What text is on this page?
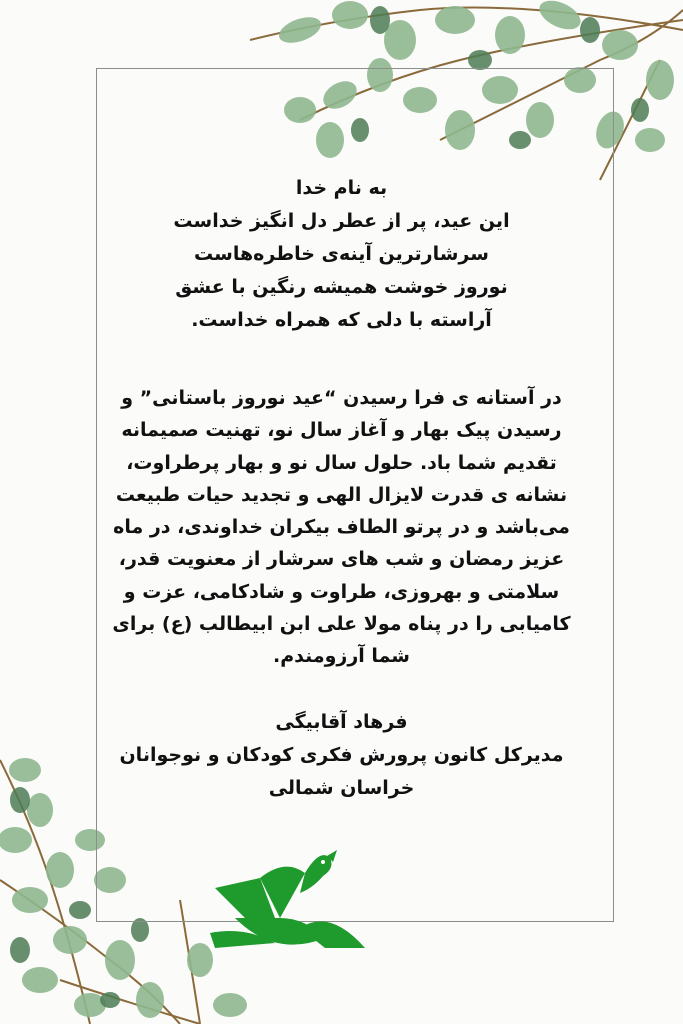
به نام خدا
این عید، پر از عطر دل انگیز خداست
سرشارترین آینه‌ی خاطره‌هاست
نوروز خوشت همیشه رنگین با عشق
آراسته با دلی که همراه خداست.
در آستانه ی فرا رسیدن “عید نوروز باستانی” و
رسیدن پیک بهار و آغاز سال نو، تهنیت صمیمانه
تقدیم شما باد. حلول سال نو و بهار پرطراوت،
نشانه ی قدرت لایزال الهی و تجدید حیات طبیعت
می‌باشد و در پرتو الطاف بیکران خداوندی، در ماه
عزیز رمضان و شب های سرشار از معنویت قدر،
سلامتی و بهروزی، طراوت و شادکامی، عزت و
کامیابی را در پناه مولا علی ابن ابیطالب (ع) برای
شما آرزومندم.
فرهاد آقابیگی
مدیرکل کانون پرورش فکری کودکان و نوجوانان
خراسان شمالی
